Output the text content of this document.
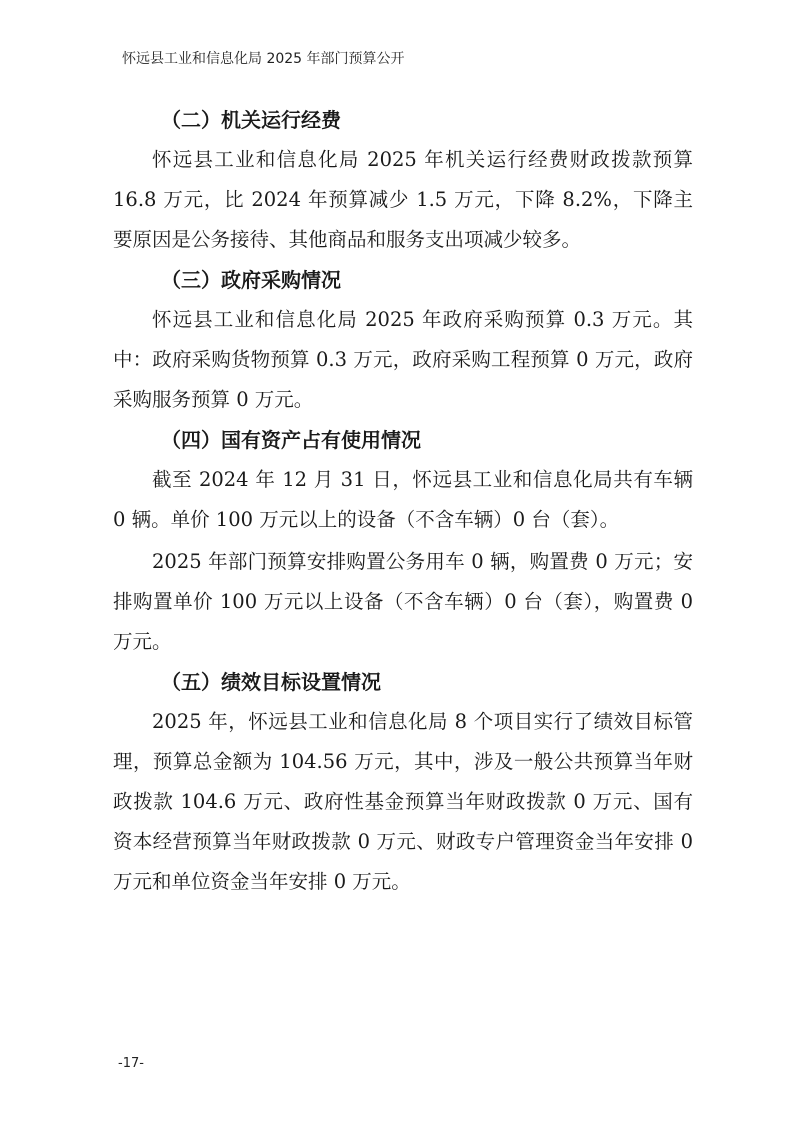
怀远县工业和信息化局 2025 年部门预算公开
（二）机关运行经费

怀远县工业和信息化局 2025 年机关运行经费财政拨款预算 16.8 万元，比 2024 年预算减少 1.5 万元，下降 8.2%，下降主要原因是公务接待、其他商品和服务支出项减少较多。

（三）政府采购情况

怀远县工业和信息化局 2025 年政府采购预算 0.3 万元。其中：政府采购货物预算 0.3 万元，政府采购工程预算 0 万元，政府采购服务预算 0 万元。

（四）国有资产占有使用情况

截至 2024 年 12 月 31 日，怀远县工业和信息化局共有车辆 0 辆。单价 100 万元以上的设备（不含车辆）0 台（套）。

2025 年部门预算安排购置公务用车 0 辆，购置费 0 万元；安排购置单价 100 万元以上设备（不含车辆）0 台（套），购置费 0 万元。

（五）绩效目标设置情况

2025 年，怀远县工业和信息化局 8 个项目实行了绩效目标管理，预算总金额为 104.56 万元，其中，涉及一般公共预算当年财政拨款 104.6 万元、政府性基金预算当年财政拨款 0 万元、国有资本经营预算当年财政拨款 0 万元、财政专户管理资金当年安排 0 万元和单位资金当年安排 0 万元。

-17-
